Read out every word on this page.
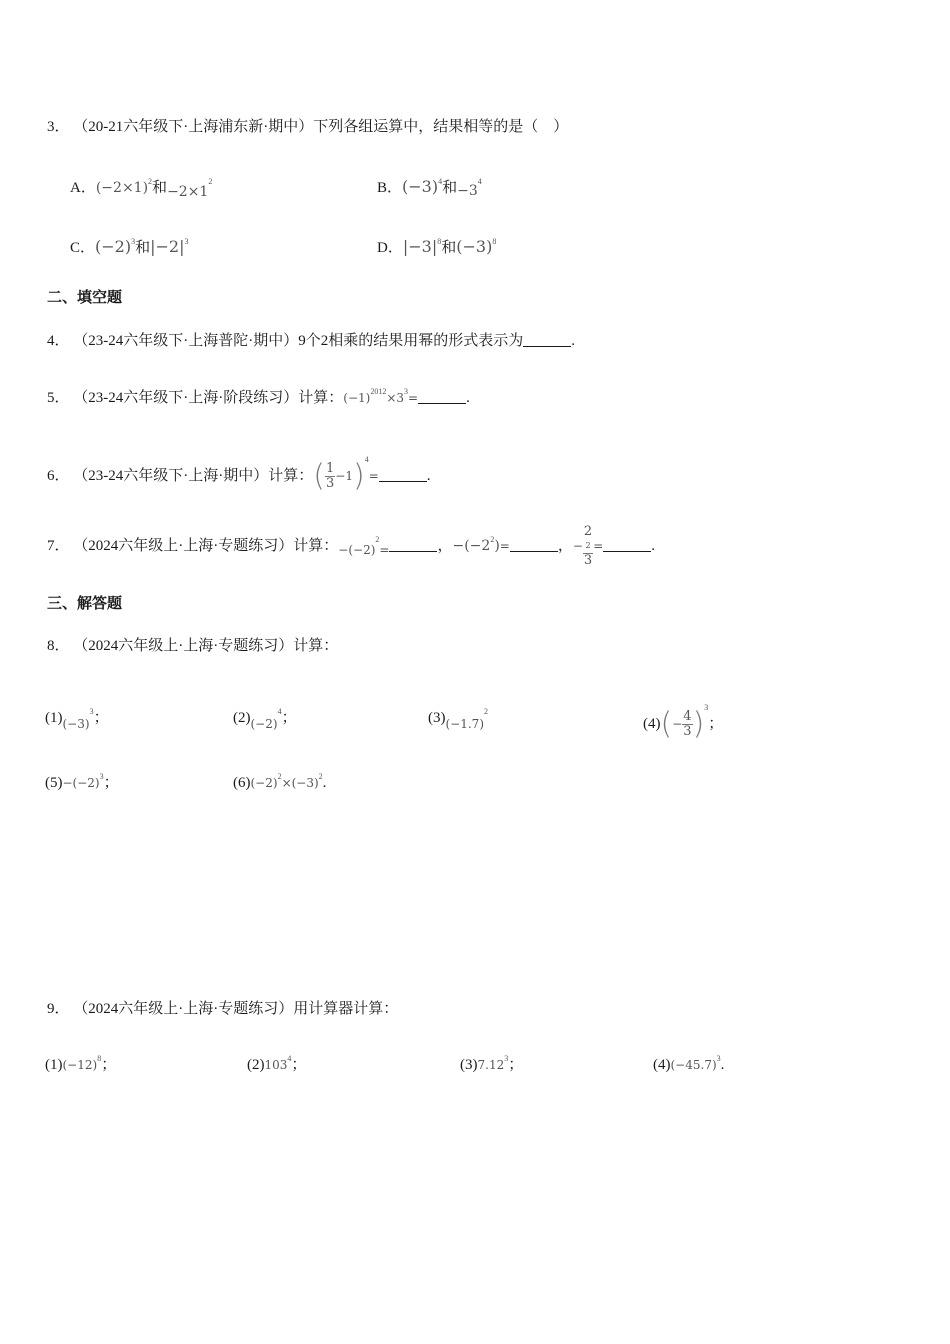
3． （20-21六年级下·上海浦东新·期中）下列各组运算中，结果相等的是（　）
A．$(-2\times 1)^2$和$-2\times 1^2$	B．$(-3)^4$和$-3^4$
C．$(-2)^3$和$|-2|^3$	D．$|-3|^8$和$(-3)^8$
二、填空题
4． （23-24六年级下·上海普陀·期中）9个2相乘的结果用幂的形式表示为	.
5． （23-24六年级下·上海·阶段练习）计算：$(-1)^{2012}\times 3^3=$	.
6． （23-24六年级下·上海·期中）计算：( $\frac{1}{3} -1)^4=$	.
7． （2024六年级上·上海·专题练习）计算：$_{-(-2)}^2_=$	，$-(-2^2)=$	，− 2
2
3 =	.
三、解答题
8． （2024六年级上·上海·专题练习）计算：
$(1)_{(-3)}^3$；	$(2)_{(-2)}^4$；	$(3)_{(-1.7)}^2$
$(4)(- \frac{4}{3} )^3$；
$(5)-(-2)^3$；	$(6)(-2)^2\times(-3)^2$.
9． （2024六年级上·上海·专题练习）用计算器计算：
$(1)(-12)^8$；	$(2)103^4$；	(3)7.12$^3$；	$(4)(-45.7)^3$.
